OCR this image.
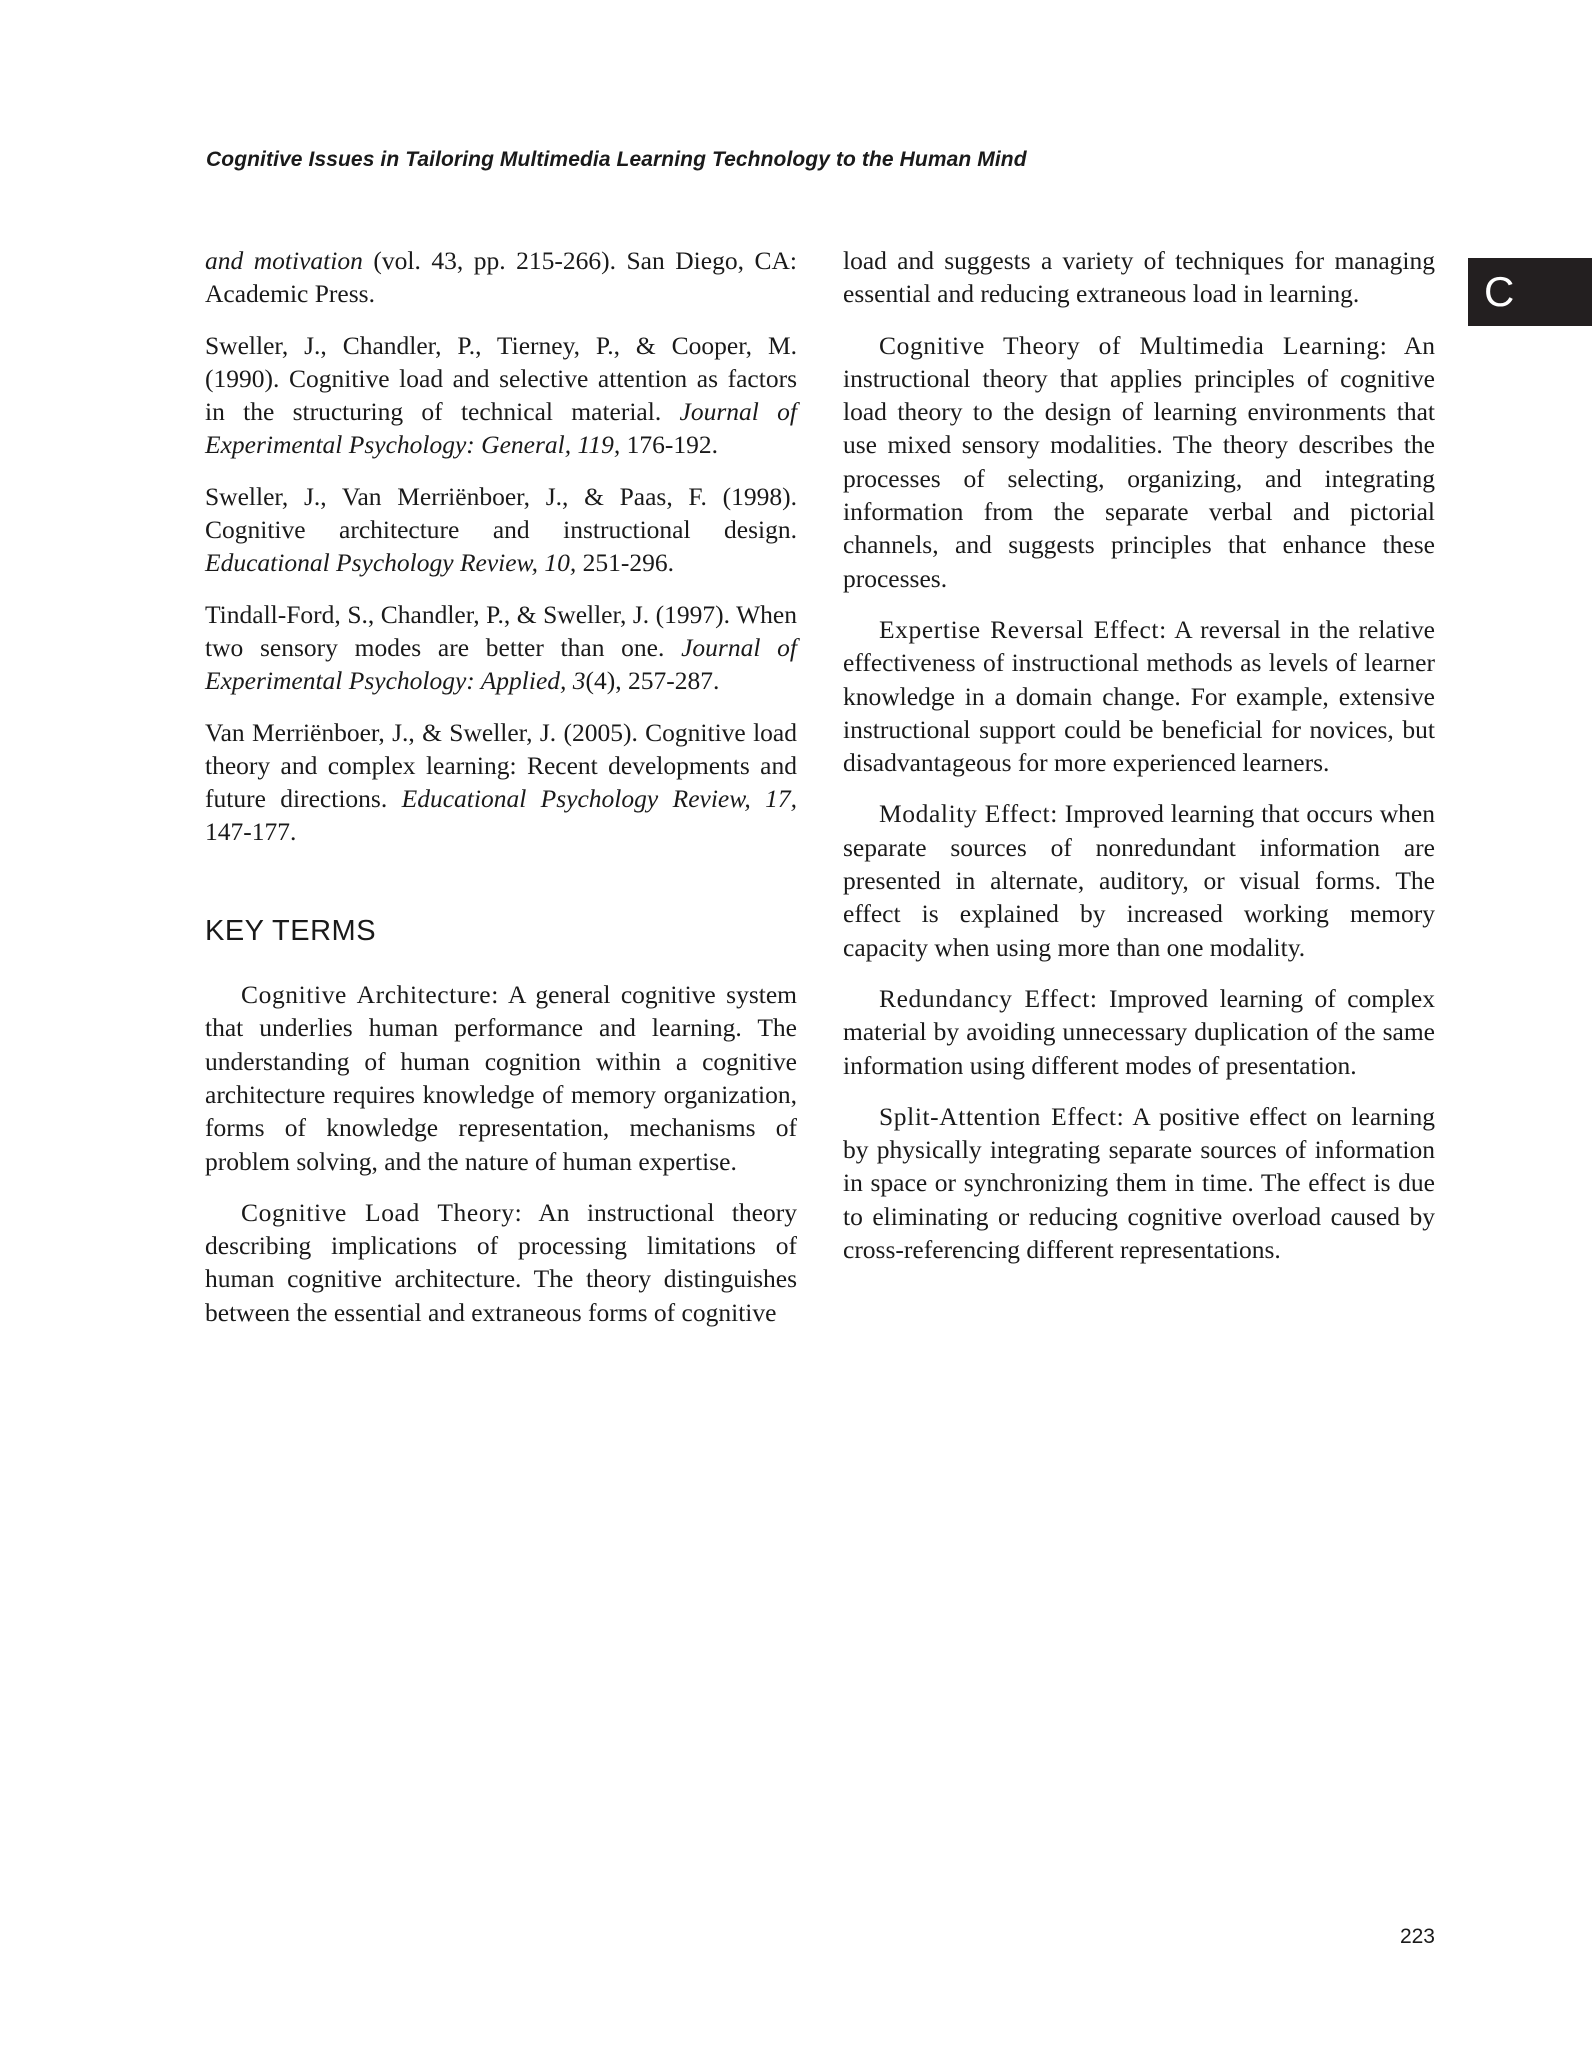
Cognitive Issues in Tailoring Multimedia Learning Technology to the Human Mind
C

and motivation (vol. 43, pp. 215-266). San Diego, CA: Academic Press.

Sweller, J., Chandler, P., Tierney, P., & Cooper, M. (1990). Cognitive load and selective attention as factors in the structuring of technical material. Journal of Experimental Psychology: General, 119, 176-192.

Sweller, J., Van Merriënboer, J., & Paas, F. (1998). Cognitive architecture and instructional design. Educational Psychology Review, 10, 251-296.

Tindall-Ford, S., Chandler, P., & Sweller, J. (1997). When two sensory modes are better than one. Journal of Experimental Psychology: Applied, 3(4), 257-287.

Van Merriënboer, J., & Sweller, J. (2005). Cognitive load theory and complex learning: Recent developments and future directions. Educational Psychology Review, 17, 147-177.

KEY TERMS

Cognitive Architecture: A general cognitive system that underlies human performance and learning. The understanding of human cognition within a cognitive architecture requires knowledge of memory organization, forms of knowledge representation, mechanisms of problem solving, and the nature of human expertise.

Cognitive Load Theory: An instructional theory describing implications of processing limitations of human cognitive architecture. The theory distinguishes between the essential and extraneous forms of cognitive

load and suggests a variety of techniques for managing essential and reducing extraneous load in learning.

Cognitive Theory of Multimedia Learning: An instructional theory that applies principles of cognitive load theory to the design of learning environments that use mixed sensory modalities. The theory describes the processes of selecting, organizing, and integrating information from the separate verbal and pictorial channels, and suggests principles that enhance these processes.

Expertise Reversal Effect: A reversal in the relative effectiveness of instructional methods as levels of learner knowledge in a domain change. For example, extensive instructional support could be beneficial for novices, but disadvantageous for more experienced learners.

Modality Effect: Improved learning that occurs when separate sources of nonredundant information are presented in alternate, auditory, or visual forms. The effect is explained by increased working memory capacity when using more than one modality.

Redundancy Effect: Improved learning of complex material by avoiding unnecessary duplication of the same information using different modes of presentation.

Split-Attention Effect: A positive effect on learning by physically integrating separate sources of information in space or synchronizing them in time. The effect is due to eliminating or reducing cognitive overload caused by cross-referencing different representations.

223
